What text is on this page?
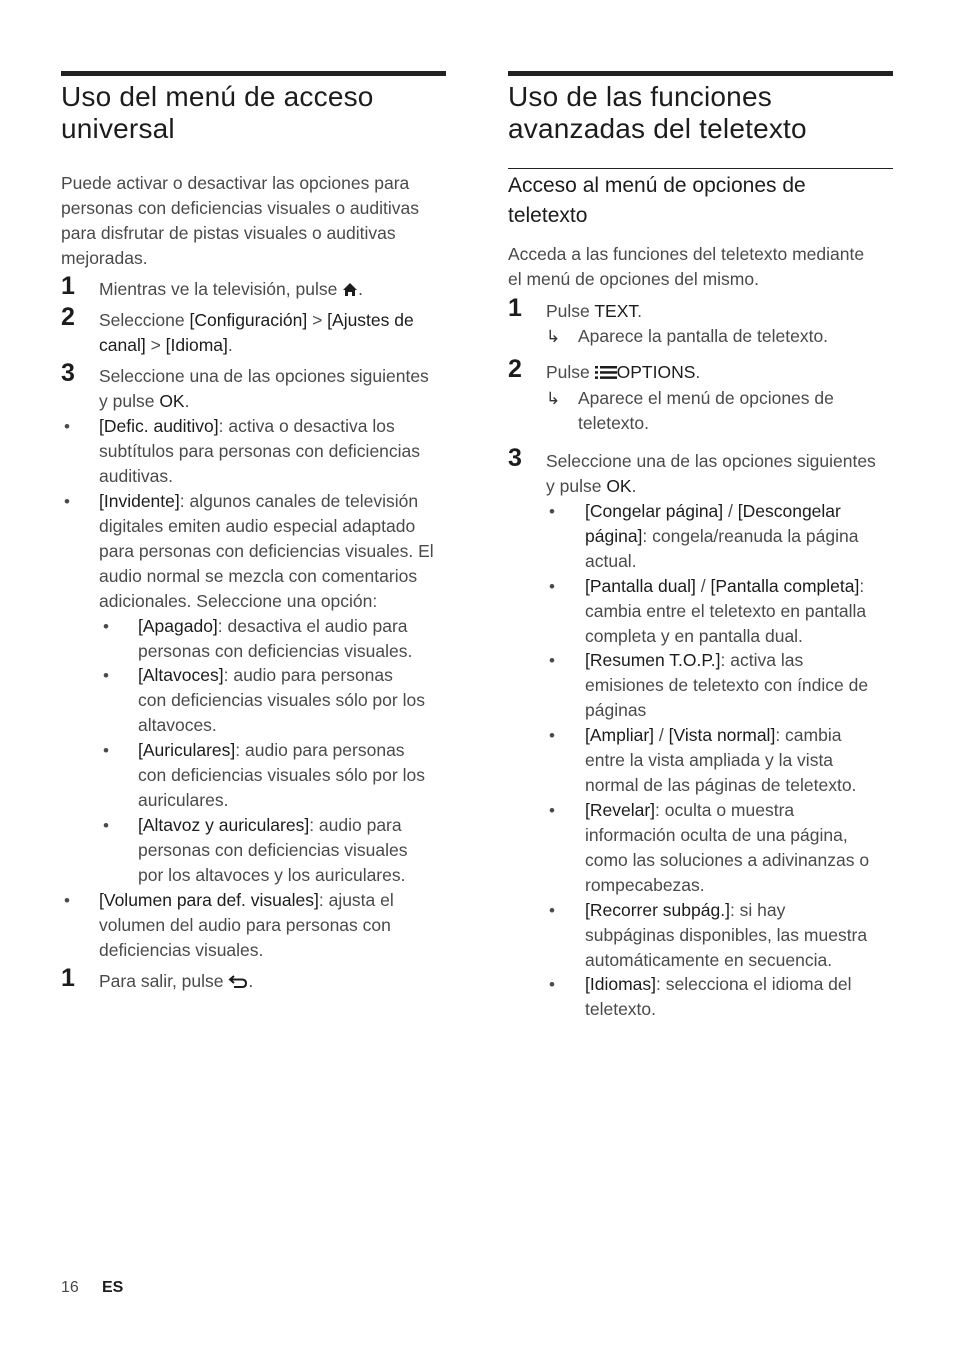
Uso del menú de acceso
universal
Puede activar o desactivar las opciones para
personas con deficiencias visuales o auditivas
para disfrutar de pistas visuales o auditivas
mejoradas.
1 Mientras ve la televisión, pulse .
2 Seleccione [Configuración] > [Ajustes de
canal] > [Idioma].
3 Seleccione una de las opciones siguientes
y pulse OK.
• [Defic. auditivo]: activa o desactiva los
subtítulos para personas con deficiencias
auditivas.
• [Invidente]: algunos canales de televisión
digitales emiten audio especial adaptado
para personas con deficiencias visuales. El
audio normal se mezcla con comentarios
adicionales. Seleccione una opción:
• [Apagado]: desactiva el audio para
personas con deficiencias visuales.
• [Altavoces]: audio para personas
con deficiencias visuales sólo por los
altavoces.
• [Auriculares]: audio para personas
con deficiencias visuales sólo por los
auriculares.
• [Altavoz y auriculares]: audio para
personas con deficiencias visuales
por los altavoces y los auriculares.
• [Volumen para def. visuales]: ajusta el
volumen del audio para personas con
deficiencias visuales.
1 Para salir, pulse .
Uso de las funciones
avanzadas del teletexto
Acceso al menú de opciones de
teletexto
Acceda a las funciones del teletexto mediante
el menú de opciones del mismo.
1 Pulse TEXT.
↳ Aparece la pantalla de teletexto.
2 Pulse OPTIONS.
↳ Aparece el menú de opciones de
teletexto.
3 Seleccione una de las opciones siguientes
y pulse OK.
• [Congelar página] / [Descongelar
página]: congela/reanuda la página
actual.
• [Pantalla dual] / [Pantalla completa]:
cambia entre el teletexto en pantalla
completa y en pantalla dual.
• [Resumen T.O.P.]: activa las
emisiones de teletexto con índice de
páginas
• [Ampliar] / [Vista normal]: cambia
entre la vista ampliada y la vista
normal de las páginas de teletexto.
• [Revelar]: oculta o muestra
información oculta de una página,
como las soluciones a adivinanzas o
rompecabezas.
• [Recorrer subpág.]: si hay
subpáginas disponibles, las muestra
automáticamente en secuencia.
• [Idiomas]: selecciona el idioma del
teletexto.
16 ES
